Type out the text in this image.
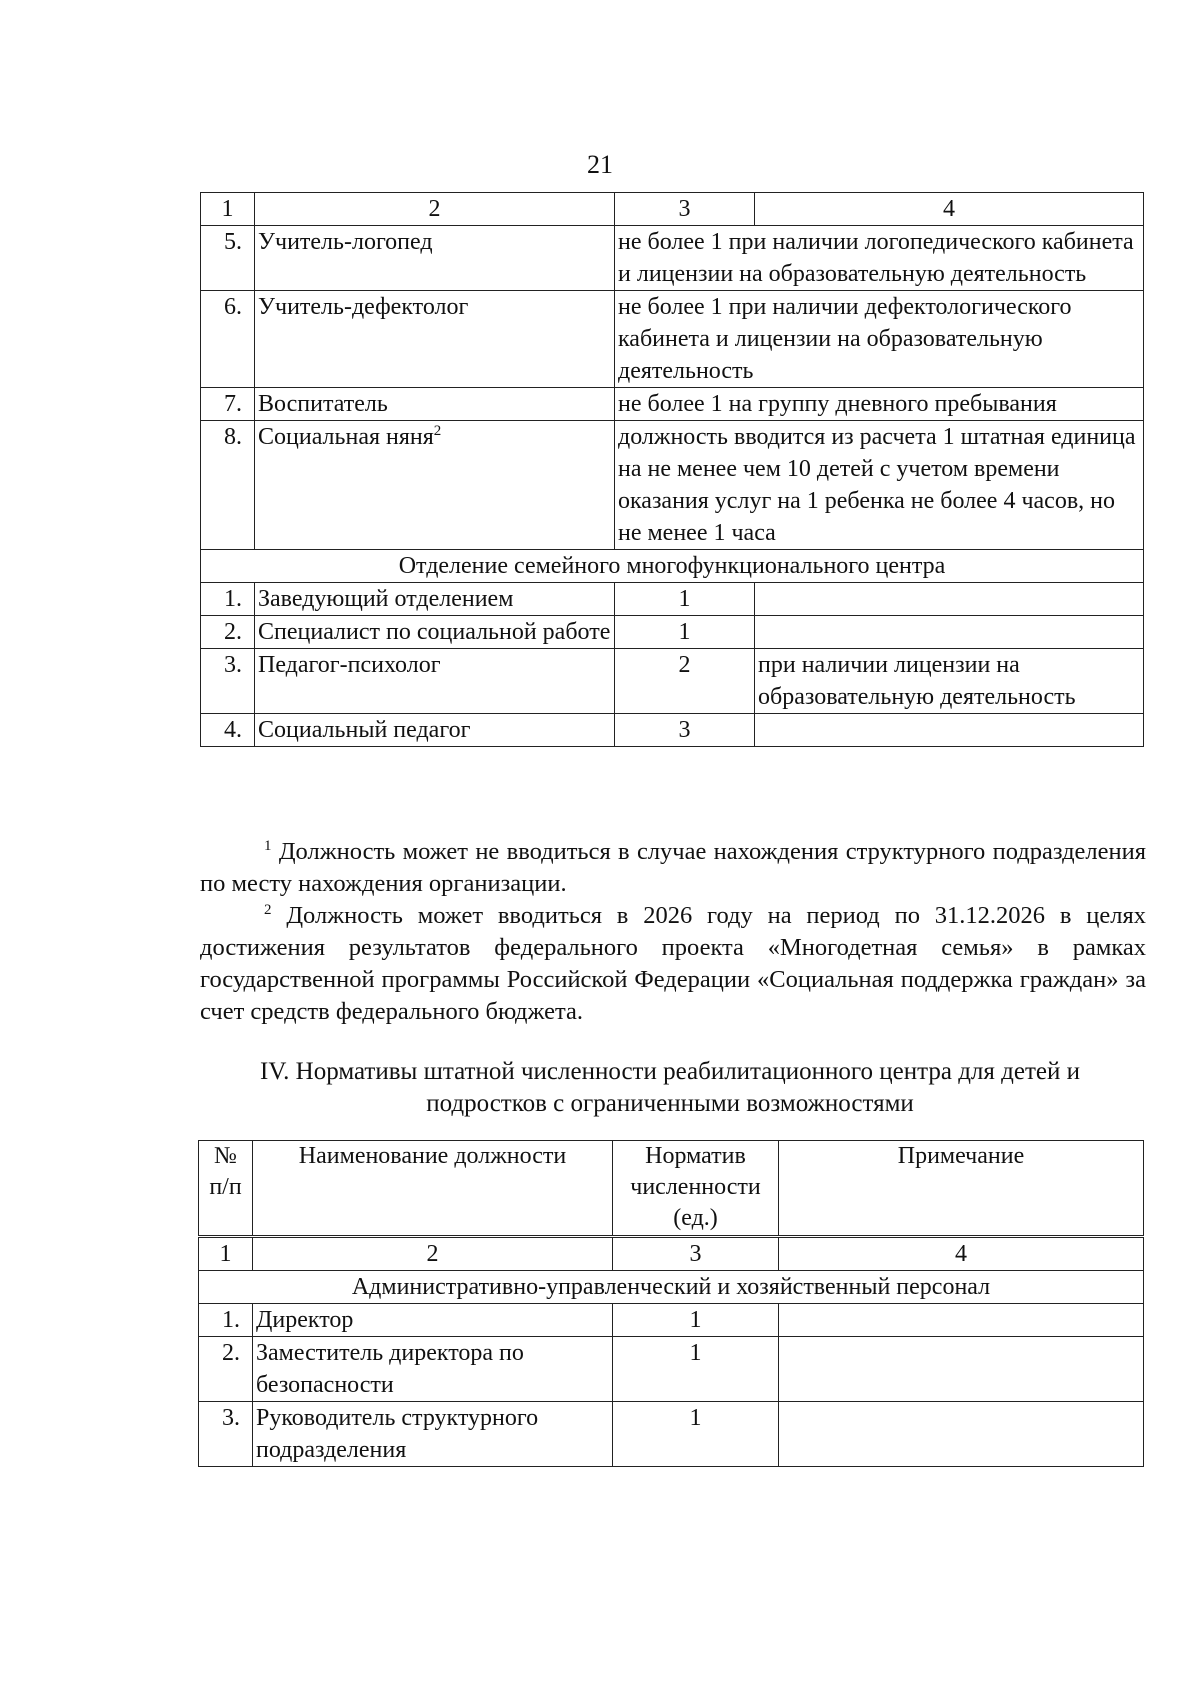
21
1	2	3	4
5.	Учитель-логопед	не более 1 при наличии логопедического кабинета и лицензии на образовательную деятельность	
6.	Учитель-дефектолог	не более 1 при наличии дефектологического кабинета и лицензии на образовательную деятельность	
7.	Воспитатель	не более 1 на группу дневного пребывания	
8.	Социальная няня$^2$	должность вводится из расчета 1 штатная единица на не менее чем 10 детей с учетом времени оказания услуг на 1 ребенка не более 4 часов, но не менее 1 часа	
Отделение семейного многофункционального центра			
1.	Заведующий отделением	1	
2.	Специалист по социальной работе	1	
3.	Педагог-психолог	2	при наличии лицензии на образовательную деятельность
4.	Социальный педагог	3	

$^1$ Должность может не вводиться в случае нахождения структурного подразделения по месту нахождения организации.

$^2$ Должность может вводиться в 2026 году на период по 31.12.2026 в целях достижения результатов федерального проекта «Многодетная семья» в рамках государственной программы Российской Федерации «Социальная поддержка граждан» за счет средств федерального бюджета.

IV. Нормативы штатной численности реабилитационного центра для детей и
подростков с ограниченными возможностями
№ п/п	Наименование должности	Норматив численности (ед.)	Примечание
1	2	3	4
Административно-управленческий и хозяйственный персонал			
1.	Директор	1	
2.	Заместитель директора по безопасности	1	
3.	Руководитель структурного подразделения	1	
